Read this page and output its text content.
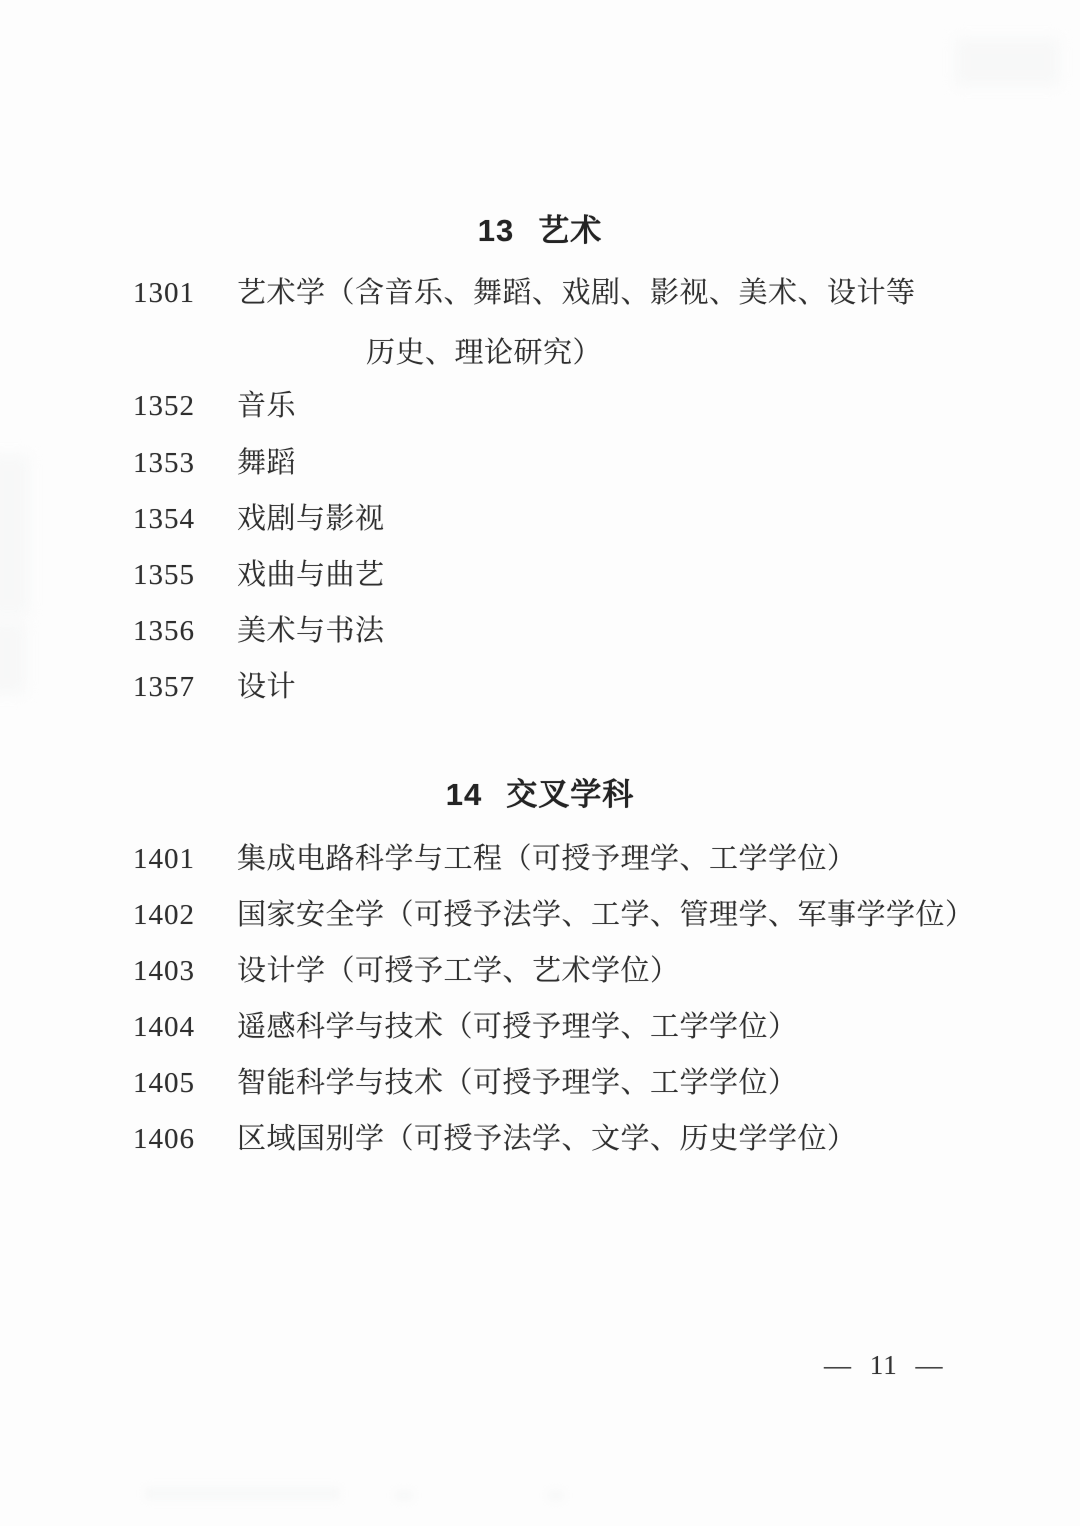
13 艺术
1301 艺术学（含音乐、舞蹈、戏剧、影视、美术、设计等
历史、理论研究）
1352 音乐
1353 舞蹈
1354 戏剧与影视
1355 戏曲与曲艺
1356 美术与书法
1357 设计
14 交叉学科
1401 集成电路科学与工程（可授予理学、工学学位）
1402 国家安全学（可授予法学、工学、管理学、军事学学位）
1403 设计学（可授予工学、艺术学位）
1404 遥感科学与技术（可授予理学、工学学位）
1405 智能科学与技术（可授予理学、工学学位）
1406 区域国别学（可授予法学、文学、历史学学位）
— 11 —
